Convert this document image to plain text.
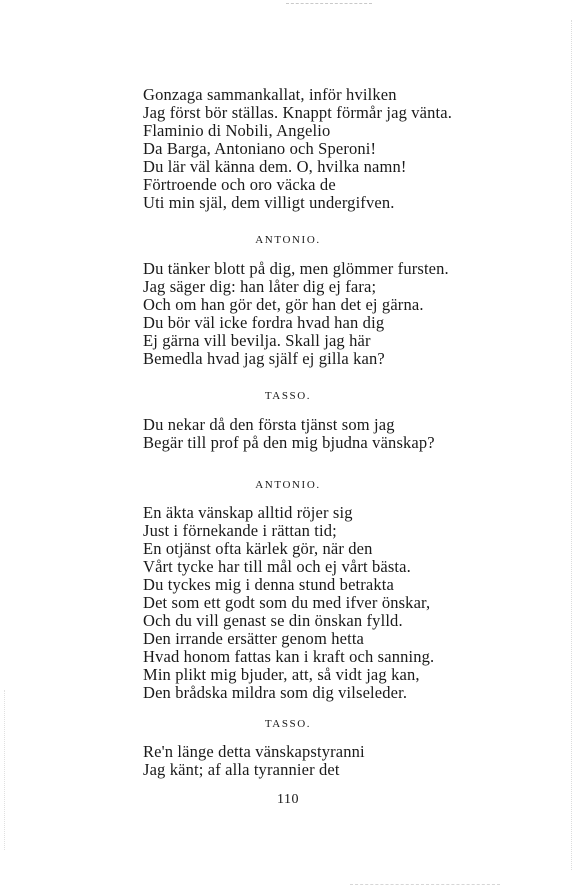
Gonzaga sammankallat, inför hvilken
Jag först bör ställas. Knappt förmår jag vänta.
Flaminio di Nobili, Angelio
Da Barga, Antoniano och Speroni!
Du lär väl känna dem. O, hvilka namn!
Förtroende och oro väcka de
Uti min själ, dem villigt undergifven.
ANTONIO.
Du tänker blott på dig, men glömmer fursten.
Jag säger dig: han låter dig ej fara;
Och om han gör det, gör han det ej gärna.
Du bör väl icke fordra hvad han dig
Ej gärna vill bevilja. Skall jag här
Bemedla hvad jag själf ej gilla kan?
TASSO.
Du nekar då den första tjänst som jag
Begär till prof på den mig bjudna vänskap?
ANTONIO.
En äkta vänskap alltid röjer sig
Just i förnekande i rättan tid;
En otjänst ofta kärlek gör, när den
Vårt tycke har till mål och ej vårt bästa.
Du tyckes mig i denna stund betrakta
Det som ett godt som du med ifver önskar,
Och du vill genast se din önskan fylld.
Den irrande ersätter genom hetta
Hvad honom fattas kan i kraft och sanning.
Min plikt mig bjuder, att, så vidt jag kan,
Den brådska mildra som dig vilseleder.
TASSO.
Re'n länge detta vänskapstyranni
Jag känt; af alla tyrannier det
110
